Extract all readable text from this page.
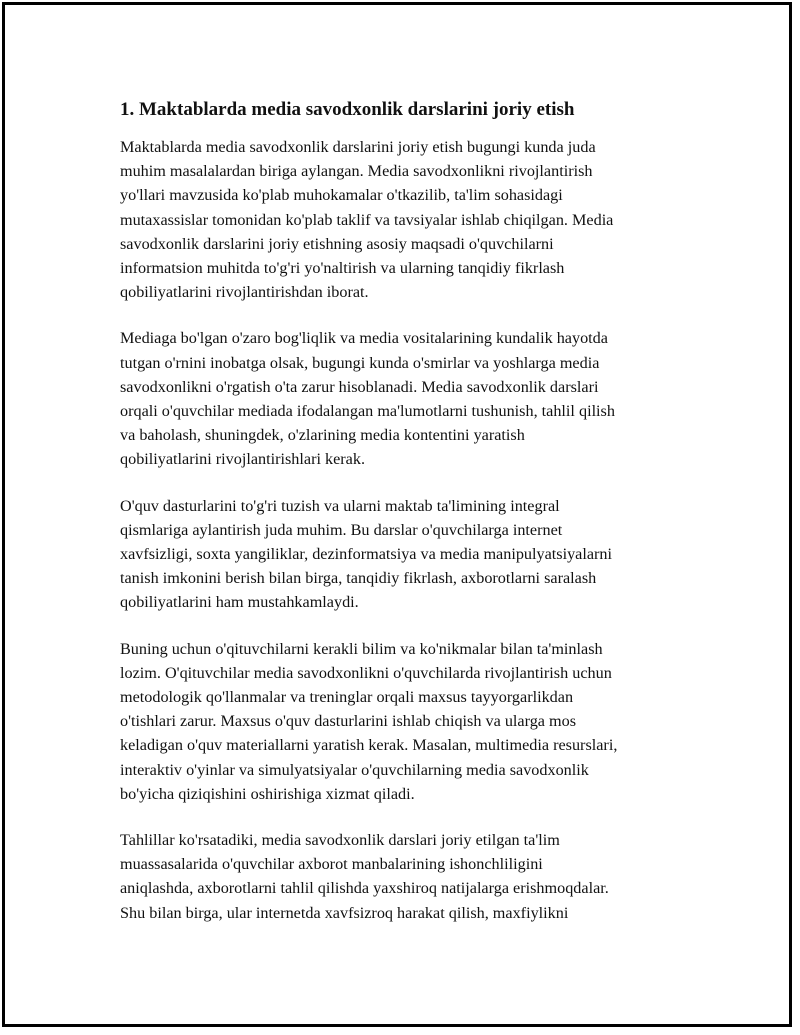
1. Maktablarda media savodxonlik darslarini joriy etish

Maktablarda media savodxonlik darslarini joriy etish bugungi kunda juda
muhim masalalardan biriga aylangan. Media savodxonlikni rivojlantirish
yo'llari mavzusida ko'plab muhokamalar o'tkazilib, ta'lim sohasidagi
mutaxassislar tomonidan ko'plab taklif va tavsiyalar ishlab chiqilgan. Media
savodxonlik darslarini joriy etishning asosiy maqsadi o'quvchilarni
informatsion muhitda to'g'ri yo'naltirish va ularning tanqidiy fikrlash
qobiliyatlarini rivojlantirishdan iborat.

Mediaga bo'lgan o'zaro bog'liqlik va media vositalarining kundalik hayotda
tutgan o'rnini inobatga olsak, bugungi kunda o'smirlar va yoshlarga media
savodxonlikni o'rgatish o'ta zarur hisoblanadi. Media savodxonlik darslari
orqali o'quvchilar mediada ifodalangan ma'lumotlarni tushunish, tahlil qilish
va baholash, shuningdek, o'zlarining media kontentini yaratish
qobiliyatlarini rivojlantirishlari kerak.

O'quv dasturlarini to'g'ri tuzish va ularni maktab ta'limining integral
qismlariga aylantirish juda muhim. Bu darslar o'quvchilarga internet
xavfsizligi, soxta yangiliklar, dezinformatsiya va media manipulyatsiyalarni
tanish imkonini berish bilan birga, tanqidiy fikrlash, axborotlarni saralash
qobiliyatlarini ham mustahkamlaydi.

Buning uchun o'qituvchilarni kerakli bilim va ko'nikmalar bilan ta'minlash
lozim. O'qituvchilar media savodxonlikni o'quvchilarda rivojlantirish uchun
metodologik qo'llanmalar va treninglar orqali maxsus tayyorgarlikdan
o'tishlari zarur. Maxsus o'quv dasturlarini ishlab chiqish va ularga mos
keladigan o'quv materiallarni yaratish kerak. Masalan, multimedia resurslari,
interaktiv o'yinlar va simulyatsiyalar o'quvchilarning media savodxonlik
bo'yicha qiziqishini oshirishiga xizmat qiladi.

Tahlillar ko'rsatadiki, media savodxonlik darslari joriy etilgan ta'lim
muassasalarida o'quvchilar axborot manbalarining ishonchliligini
aniqlashda, axborotlarni tahlil qilishda yaxshiroq natijalarga erishmoqdalar.
Shu bilan birga, ular internetda xavfsizroq harakat qilish, maxfiylikni
